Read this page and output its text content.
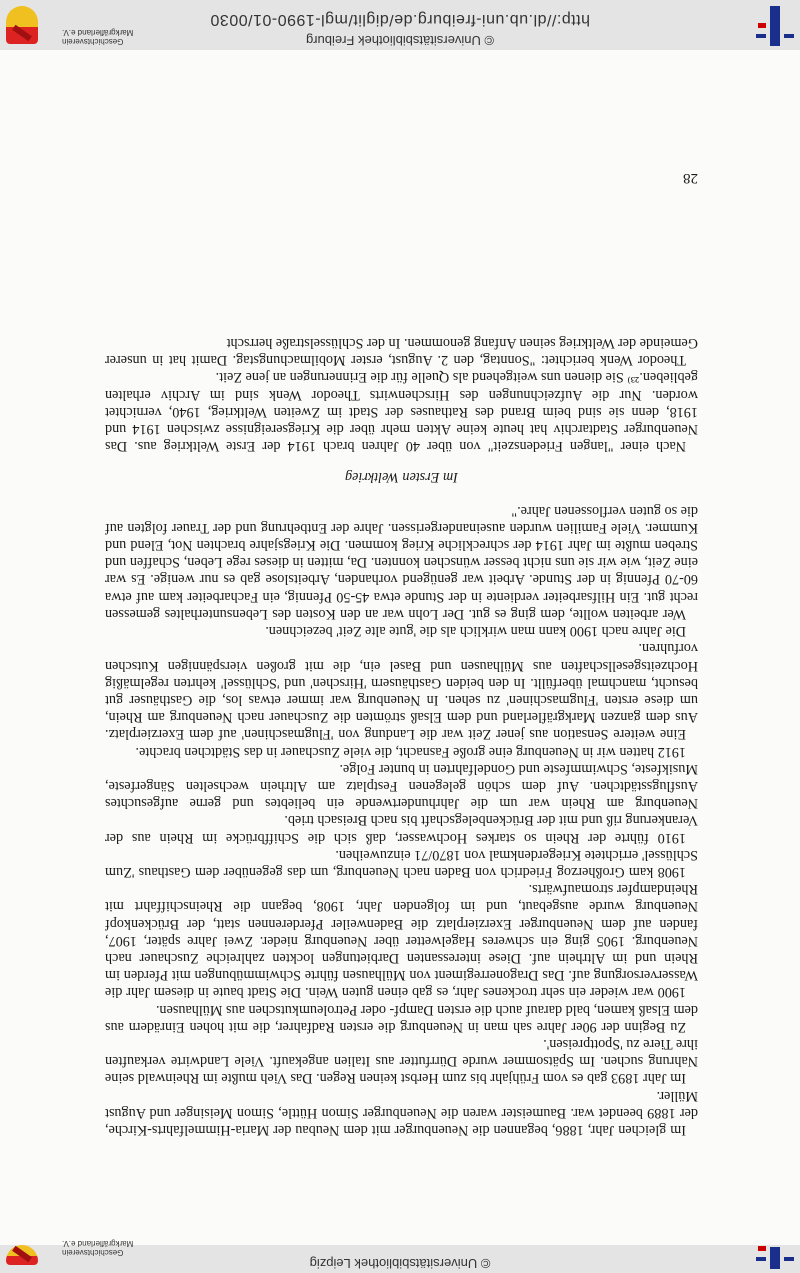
© Universitätsbibliothek Leipzig
Geschichtsverein
Markgräflerland e.V.

Im gleichen Jahr, 1886, begannen die Neuenburger mit dem Neubau der Maria-Himmelfahrts-Kirche, der 1889 beendet war. Baumeister waren die Neuenburger Simon Hüttle, Simon Meisinger und August Müller.

Im Jahr 1893 gab es vom Frühjahr bis zum Herbst keinen Regen. Das Vieh mußte im Rheinwald seine Nahrung suchen. Im Spätsommer wurde Dürrfutter aus Italien angekauft. Viele Landwirte verkauften ihre Tiere zu 'Spottpreisen'.

Zu Beginn der 90er Jahre sah man in Neuenburg die ersten Radfahrer, die mit hohen Einrädern aus dem Elsaß kamen, bald darauf auch die ersten Dampf- oder Petroleumkutschen aus Mülhausen.

1900 war wieder ein sehr trockenes Jahr, es gab einen guten Wein. Die Stadt baute in diesem Jahr die Wasserversorgung auf. Das Dragonerregiment von Mülhausen führte Schwimmübungen mit Pferden im Rhein und im Altrhein auf. Diese interessanten Darbietungen lockten zahlreiche Zuschauer nach Neuenburg. 1905 ging ein schweres Hagelwetter über Neuenburg nieder. Zwei Jahre später, 1907, fanden auf dem Neuenburger Exerzierplatz die Badenweiler Pferderennen statt, der Brückenkopf Neuenburg wurde ausgebaut, und im folgenden Jahr, 1908, begann die Rheinschiffahrt mit Rheindampfer stromaufwärts.

1908 kam Großherzog Friedrich von Baden nach Neuenburg, um das gegenüber dem Gasthaus 'Zum Schlüssel' errichtete Kriegerdenkmal von 1870/71 einzuweihen.

1910 führte der Rhein so starkes Hochwasser, daß sich die Schiffbrücke im Rhein aus der Verankerung riß und mit der Brückenbelegschaft bis nach Breisach trieb.

Neuenburg am Rhein war um die Jahrhundertwende ein beliebtes und gerne aufgesuchtes Ausflugsstädtchen. Auf dem schön gelegenen Festplatz am Altrhein wechselten Sängerfeste, Musikfeste, Schwimmfeste und Gondelfahrten in bunter Folge.

1912 hatten wir in Neuenburg eine große Fasnacht, die viele Zuschauer in das Städtchen brachte.

Eine weitere Sensation aus jener Zeit war die Landung von 'Flugmaschinen' auf dem Exerzierplatz. Aus dem ganzen Markgräflerland und dem Elsaß strömten die Zuschauer nach Neuenburg am Rhein, um diese ersten 'Flugmaschinen' zu sehen. In Neuenburg war immer etwas los, die Gasthäuser gut besucht, manchmal überfüllt. In den beiden Gasthäusern 'Hirschen' und 'Schlüssel' kehrten regelmäßig Hochzeitsgesellschaften aus Mülhausen und Basel ein, die mit großen vierspännigen Kutschen vorfuhren.

Die Jahre nach 1900 kann man wirklich als die 'gute alte Zeit' bezeichnen.

Wer arbeiten wollte, dem ging es gut. Der Lohn war an den Kosten des Lebensunterhaltes gemessen recht gut. Ein Hilfsarbeiter verdiente in der Stunde etwa 45-50 Pfennig, ein Facharbeiter kam auf etwa 60-70 Pfennig in der Stunde. Arbeit war genügend vorhanden, Arbeitslose gab es nur wenige. Es war eine Zeit, wie wir sie uns nicht besser wünschen konnten. Da, mitten in dieses rege Leben, Schaffen und Streben mußte im Jahr 1914 der schreckliche Krieg kommen. Die Kriegsjahre brachten Not, Elend und Kummer. Viele Familien wurden auseinandergerissen. Jahre der Entbehrung und der Trauer folgten auf die so guten verflossenen Jahre."

Im Ersten Weltkrieg

Nach einer "langen Friedenszeit" von über 40 Jahren brach 1914 der Erste Weltkrieg aus. Das Neuenburger Stadtarchiv hat heute keine Akten mehr über die Kriegsereignisse zwischen 1914 und 1918, denn sie sind beim Brand des Rathauses der Stadt im Zweiten Weltkrieg, 1940, vernichtet worden. Nur die Aufzeichnungen des Hirschenwirts Theodor Wenk sind im Archiv erhalten geblieben.²³⁾ Sie dienen uns weitgehend als Quelle für die Erinnerungen an jene Zeit.

Theodor Wenk berichtet: "Sonntag, den 2. August, erster Mobilmachungstag. Damit hat in unserer Gemeinde der Weltkrieg seinen Anfang genommen. In der Schlüsselstraße herrscht

28
© Universitätsbibliothek Freiburg
http://dl.ub.uni-freiburg.de/diglit/mgl-1990-01/0030
Geschichtsverein
Markgräflerland e.V.
